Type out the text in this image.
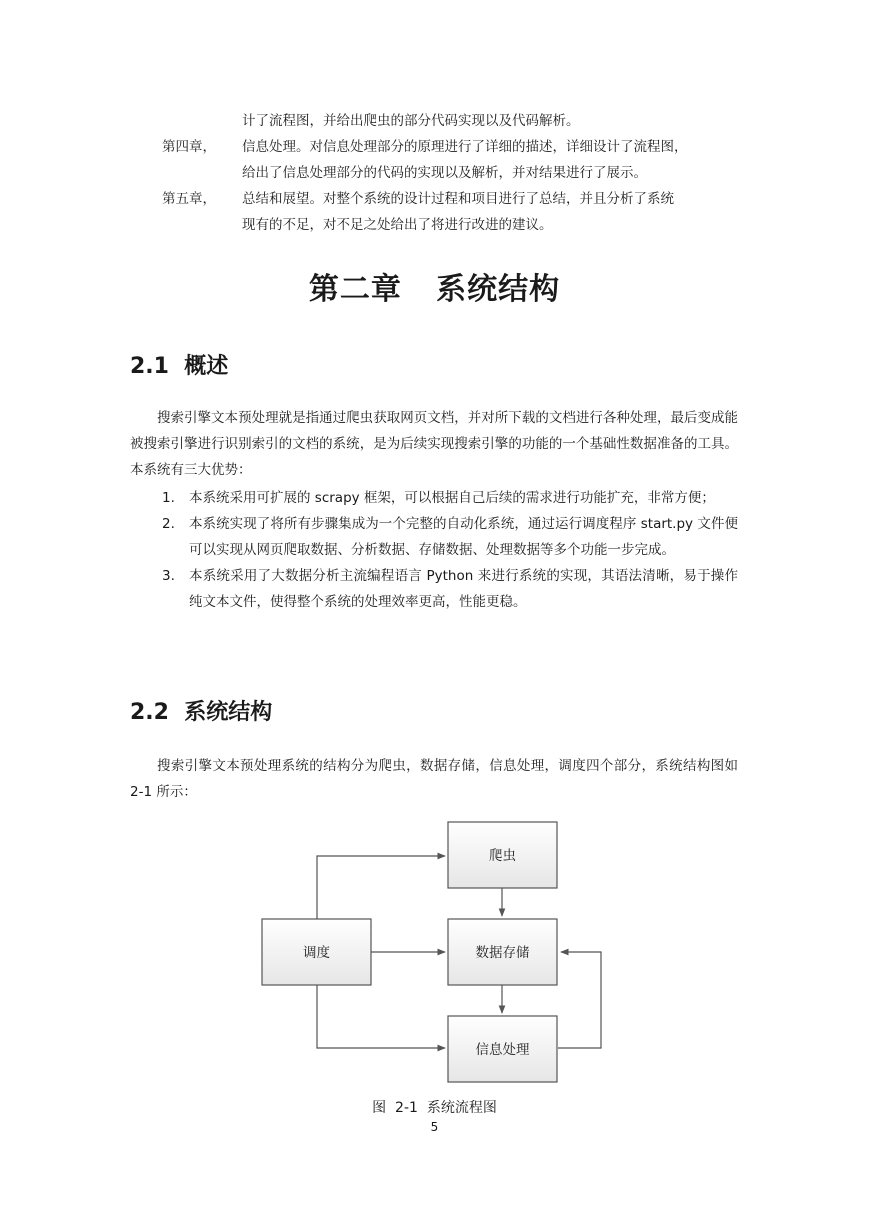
计了流程图，并给出爬虫的部分代码实现以及代码解析。
第四章，	信息处理。对信息处理部分的原理进行了详细的描述，详细设计了流程图，
给出了信息处理部分的代码的实现以及解析，并对结果进行了展示。
第五章，	总结和展望。对整个系统的设计过程和项目进行了总结，并且分析了系统
现有的不足，对不足之处给出了将进行改进的建议。
第二章   系统结构
2.1  概述
搜索引擎文本预处理就是指通过爬虫获取网页文档，并对所下载的文档进行各种处理，最后变成能被搜索引擎进行识别索引的文档的系统，是为后续实现搜索引擎的功能的一个基础性数据准备的工具。本系统有三大优势：
1. 本系统采用可扩展的 scrapy 框架，可以根据自己后续的需求进行功能扩充，非常方便；
2. 本系统实现了将所有步骤集成为一个完整的自动化系统，通过运行调度程序 start.py 文件便可以实现从网页爬取数据、分析数据、存储数据、处理数据等多个功能一步完成。
3. 本系统采用了大数据分析主流编程语言 Python 来进行系统的实现，其语法清晰，易于操作纯文本文件，使得整个系统的处理效率更高，性能更稳。
2.2  系统结构
搜索引擎文本预处理系统的结构分为爬虫，数据存储，信息处理，调度四个部分，系统结构图如 2-1 所示：
爬虫
调度	数据存储
信息处理
图  2-1  系统流程图
5
